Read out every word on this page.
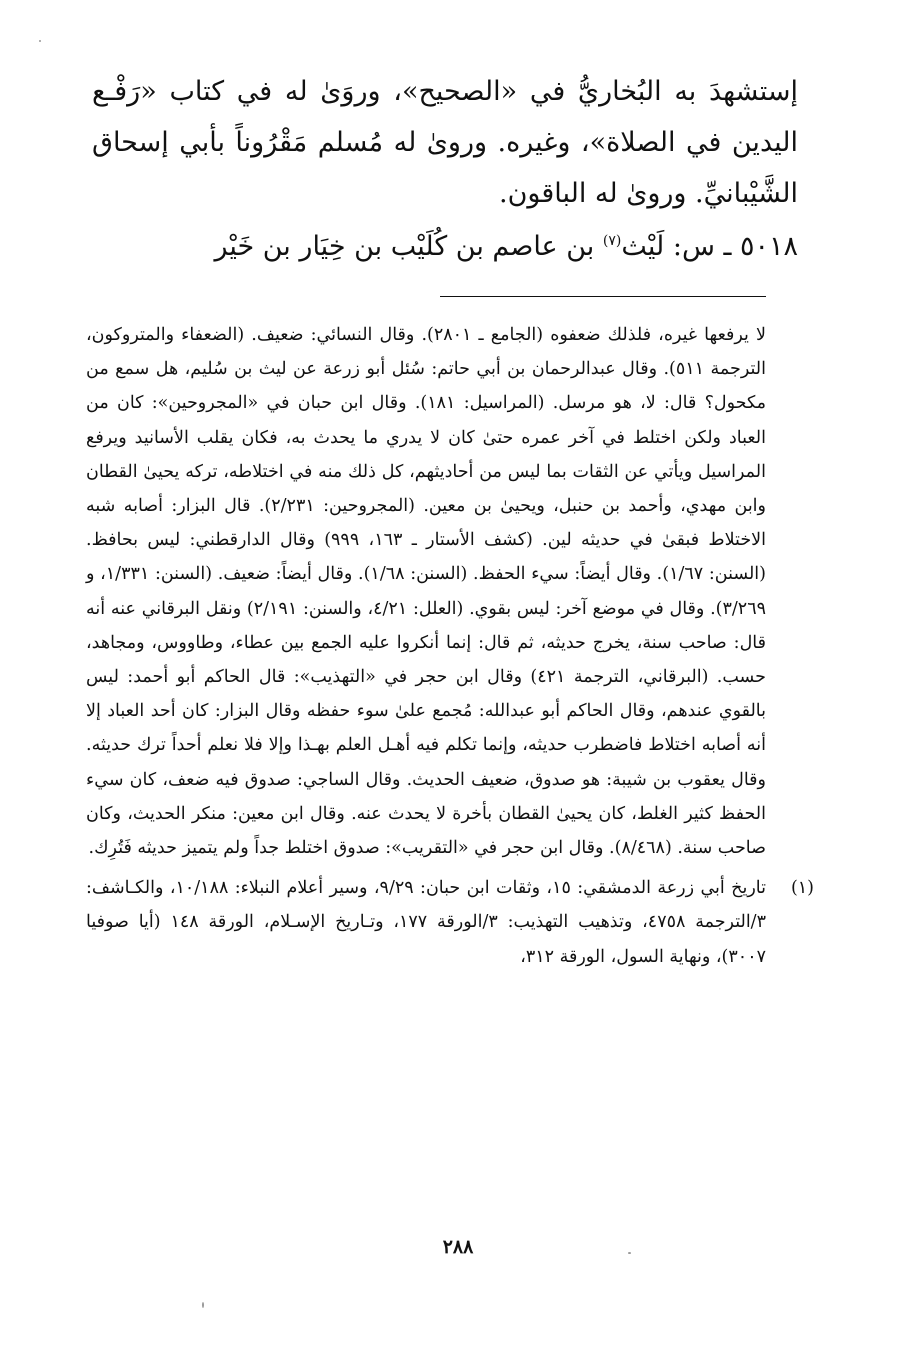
إستشهدَ به البُخاريُّ في «الصحيح»، وروَىٰ له في كتاب «رَفْـع اليدين في الصلاة»، وغيره. وروىٰ له مُسلم مَقْرُوناً بأبي إسحاق الشَّيْبانيِّ. وروىٰ له الباقون.

٥٠١٨ ـ س: لَيْث$^{(٧)}$ بن عاصم بن كُلَيْب بن خِيَار بن خَيْر

لا يرفعها غيره، فلذلك ضعفوه (الجامع ـ ٢٨٠١). وقال النسائي: ضعيف. (الضعفاء والمتروكون، الترجمة ٥١١). وقال عبدالرحمان بن أبي حاتم: سُئل أبو زرعة عن ليث بن سُليم، هل سمع من مكحول؟ قال: لا، هو مرسل. (المراسيل: ١٨١). وقال ابن حبان في «المجروحين»: كان من العباد ولكن اختلط في آخر عمره حتىٰ كان لا يدري ما يحدث به، فكان يقلب الأسانيد ويرفع المراسيل ويأتي عن الثقات بما ليس من أحاديثهم، كل ذلك منه في اختلاطه، تركه يحيىٰ القطان وابن مهدي، وأحمد بن حنبل، ويحيىٰ بن معين. (المجروحين: ٢/٢٣١). قال البزار: أصابه شبه الاختلاط فبقىٰ في حديثه لين. (كشف الأستار ـ ١٦٣، ٩٩٩) وقال الدارقطني: ليس بحافظ. (السنن: ١/٦٧). وقال أيضاً: سيء الحفظ. (السنن: ١/٦٨). وقال أيضاً: ضعيف. (السنن: ١/٣٣١، و ٣/٢٦٩). وقال في موضع آخر: ليس بقوي. (العلل: ٤/٢١، والسنن: ٢/١٩١) ونقل البرقاني عنه أنه قال: صاحب سنة، يخرج حديثه، ثم قال: إنما أنكروا عليه الجمع بين عطاء، وطاووس، ومجاهد، حسب. (البرقاني، الترجمة ٤٢١) وقال ابن حجر في «التهذيب»: قال الحاكم أبو أحمد: ليس بالقوي عندهم، وقال الحاكم أبو عبدالله: مُجمع علىٰ سوء حفظه وقال البزار: كان أحد العباد إلا أنه أصابه اختلاط فاضطرب حديثه، وإنما تكلم فيه أهـل العلم بهـذا وإلا فلا نعلم أحداً ترك حديثه. وقال يعقوب بن شيبة: هو صدوق، ضعيف الحديث. وقال الساجي: صدوق فيه ضعف، كان سيء الحفظ كثير الغلط، كان يحيىٰ القطان بأخرة لا يحدث عنه. وقال ابن معين: منكر الحديث، وكان صاحب سنة. (٨/٤٦٨). وقال ابن حجر في «التقريب»: صدوق اختلط جداً ولم يتميز حديثه فَتُرِك.

(١)
تاريخ أبي زرعة الدمشقي: ١٥، وثقات ابن حبان: ٩/٢٩، وسير أعلام النبلاء: ١٠/١٨٨، والكـاشف: ٣/الترجمة ٤٧٥٨، وتذهيب التهذيب: ٣/الورقة ١٧٧، وتـاريخ الإسـلام، الورقة ١٤٨ (أيا صوفيا ٣٠٠٧)، ونهاية السول، الورقة ٣١٢،

٢٨٨
